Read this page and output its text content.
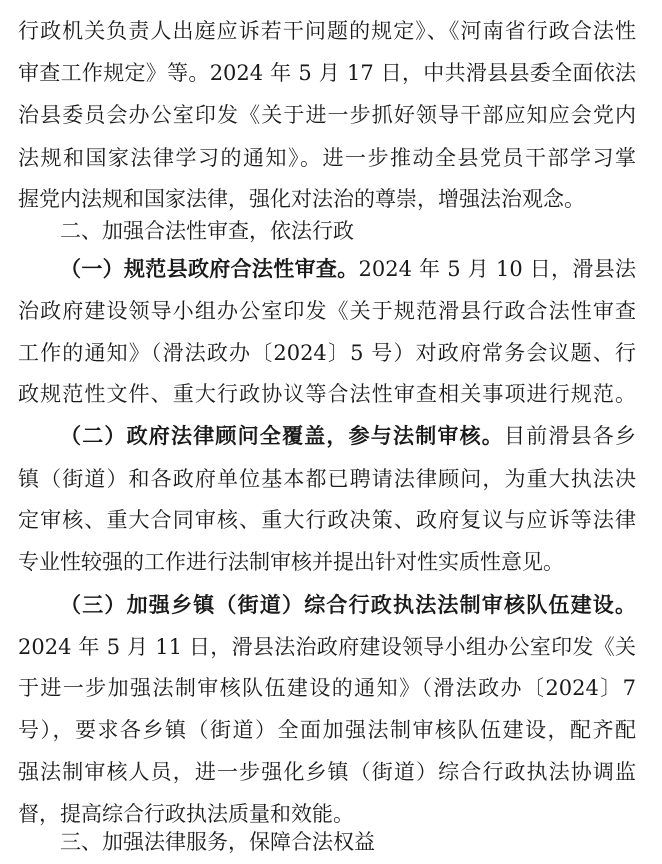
行政机关负责人出庭应诉若干问题的规定》、《河南省行政合法性
审查工作规定》等。2024 年 5 月 17 日，中共滑县县委全面依法
治县委员会办公室印发《关于进一步抓好领导干部应知应会党内
法规和国家法律学习的通知》。进一步推动全县党员干部学习掌
握党内法规和国家法律，强化对法治的尊崇，增强法治观念。
二、加强合法性审查，依法行政
（一）规范县政府合法性审查。2024 年 5 月 10 日，滑县法
治政府建设领导小组办公室印发《关于规范滑县行政合法性审查
工作的通知》（滑法政办〔2024〕5 号）对政府常务会议题、行
政规范性文件、重大行政协议等合法性审查相关事项进行规范。
（二）政府法律顾问全覆盖，参与法制审核。目前滑县各乡
镇（街道）和各政府单位基本都已聘请法律顾问，为重大执法决
定审核、重大合同审核、重大行政决策、政府复议与应诉等法律
专业性较强的工作进行法制审核并提出针对性实质性意见。
（三）加强乡镇（街道）综合行政执法法制审核队伍建设。
2024 年 5 月 11 日，滑县法治政府建设领导小组办公室印发《关
于进一步加强法制审核队伍建设的通知》（滑法政办〔2024〕7
号），要求各乡镇（街道）全面加强法制审核队伍建设，配齐配
强法制审核人员，进一步强化乡镇（街道）综合行政执法协调监
督，提高综合行政执法质量和效能。
三、加强法律服务，保障合法权益
